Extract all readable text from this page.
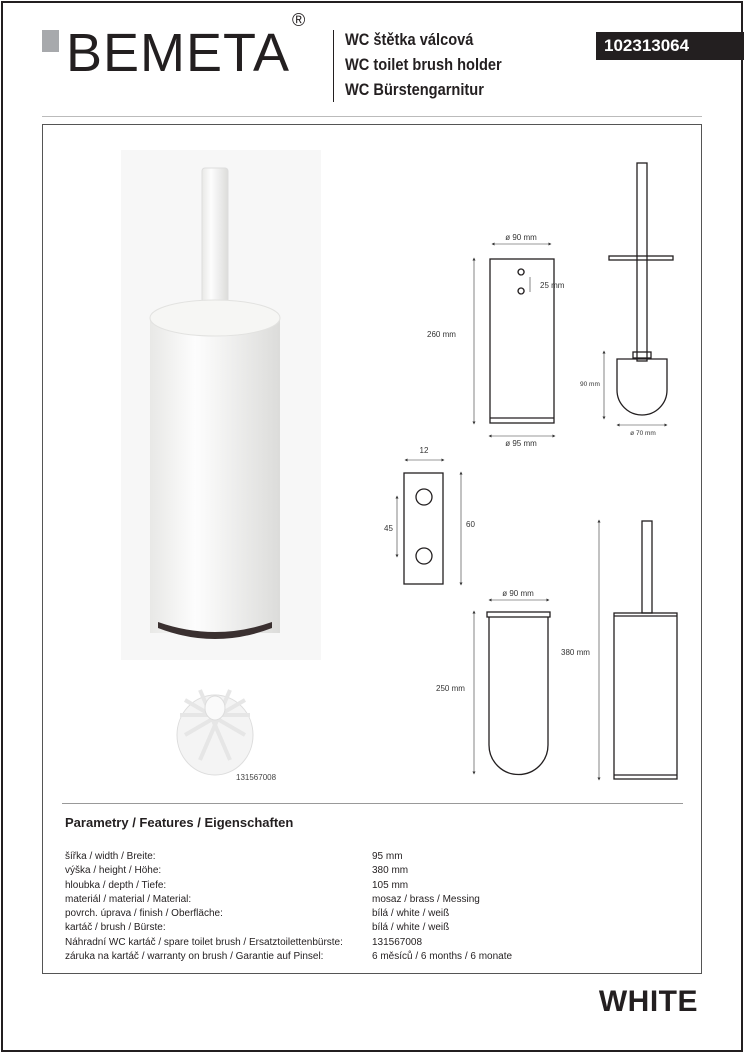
BEMETA®
WC štětka válcová
WC toilet brush holder
WC Bürstengarnitur
102313064
ø 90 mm
25 mm
260 mm
ø 95 mm
90 mm
ø 70 mm
12
45	60
ø 90 mm
250 mm
380 mm
131567008
Parametry / Features / Eigenschaften
šířka / width / Breite:	95 mm
výška / height / Höhe:	380 mm
hloubka / depth / Tiefe:	105 mm
materiál / material / Material:	mosaz / brass / Messing
povrch. úprava / finish / Oberfläche:	bílá / white / weiß
kartáč / brush / Bürste:	bílá / white / weiß
Náhradní WC kartáč / spare toilet brush / Ersatztoilettenbürste:	131567008
záruka na kartáč / warranty on brush / Garantie auf Pinsel:	6 měsíců / 6 months / 6 monate
WHITE
